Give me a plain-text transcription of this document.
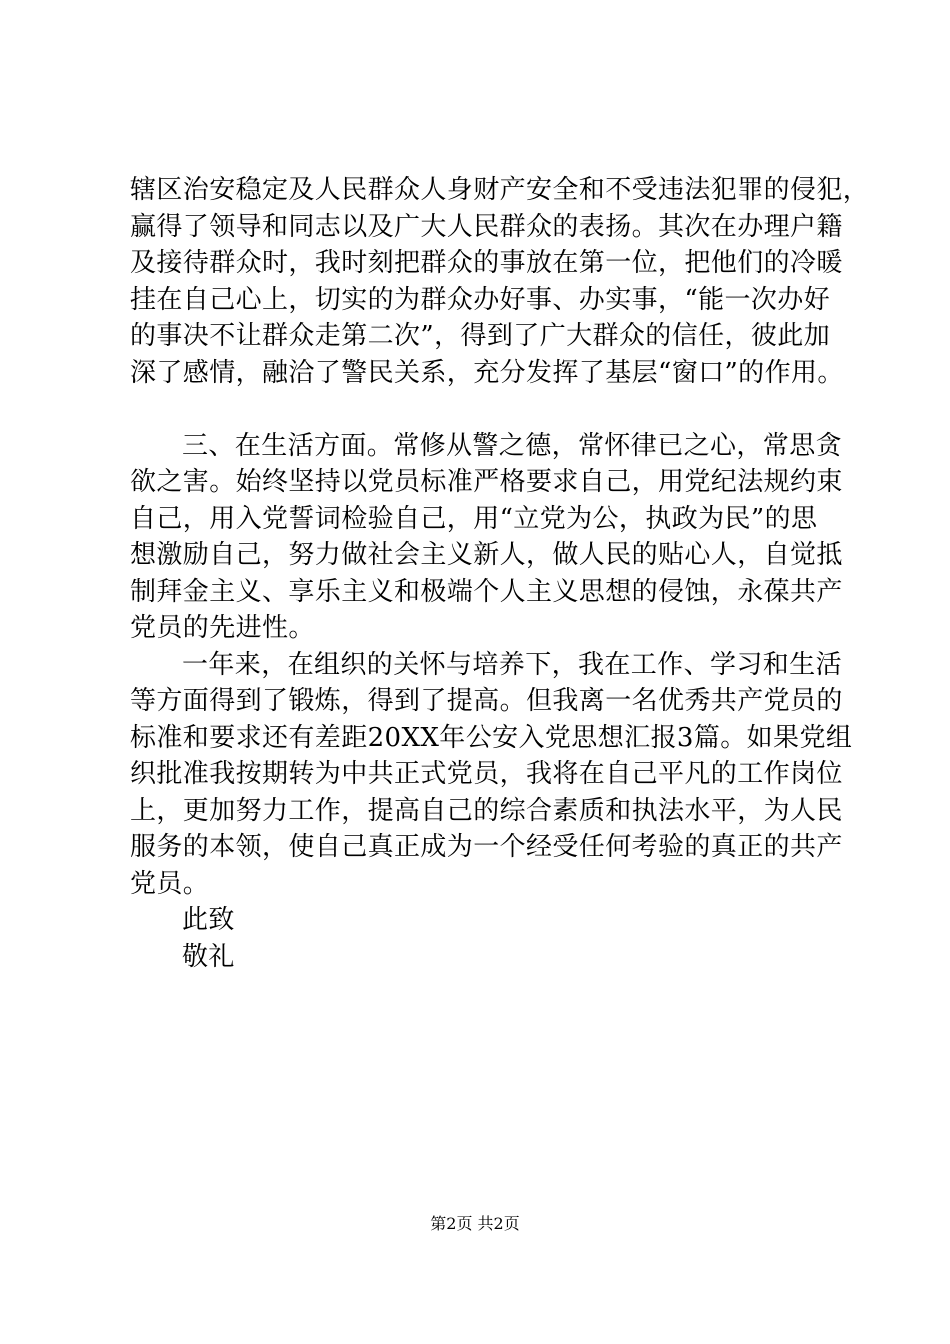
辖区治安稳定及人民群众人身财产安全和不受违法犯罪的侵犯，
赢得了领导和同志以及广大人民群众的表扬。其次在办理户籍
及接待群众时，我时刻把群众的事放在第一位，把他们的冷暖
挂在自己心上，切实的为群众办好事、办实事，“能一次办好
的事决不让群众走第二次”，得到了广大群众的信任，彼此加
深了感情，融洽了警民关系，充分发挥了基层“窗口”的作用。
三、在生活方面。常修从警之德，常怀律已之心，常思贪
欲之害。始终坚持以党员标准严格要求自己，用党纪法规约束
自己，用入党誓词检验自己，用“立党为公，执政为民”的思
想激励自己，努力做社会主义新人，做人民的贴心人，自觉抵
制拜金主义、享乐主义和极端个人主义思想的侵蚀，永葆共产
党员的先进性。
一年来，在组织的关怀与培养下，我在工作、学习和生活
等方面得到了锻炼，得到了提高。但我离一名优秀共产党员的
标准和要求还有差距20XX年公安入党思想汇报3篇。如果党组
织批准我按期转为中共正式党员，我将在自己平凡的工作岗位
上，更加努力工作，提高自己的综合素质和执法水平，为人民
服务的本领，使自己真正成为一个经受任何考验的真正的共产
党员。
此致
敬礼
第2页 共2页
